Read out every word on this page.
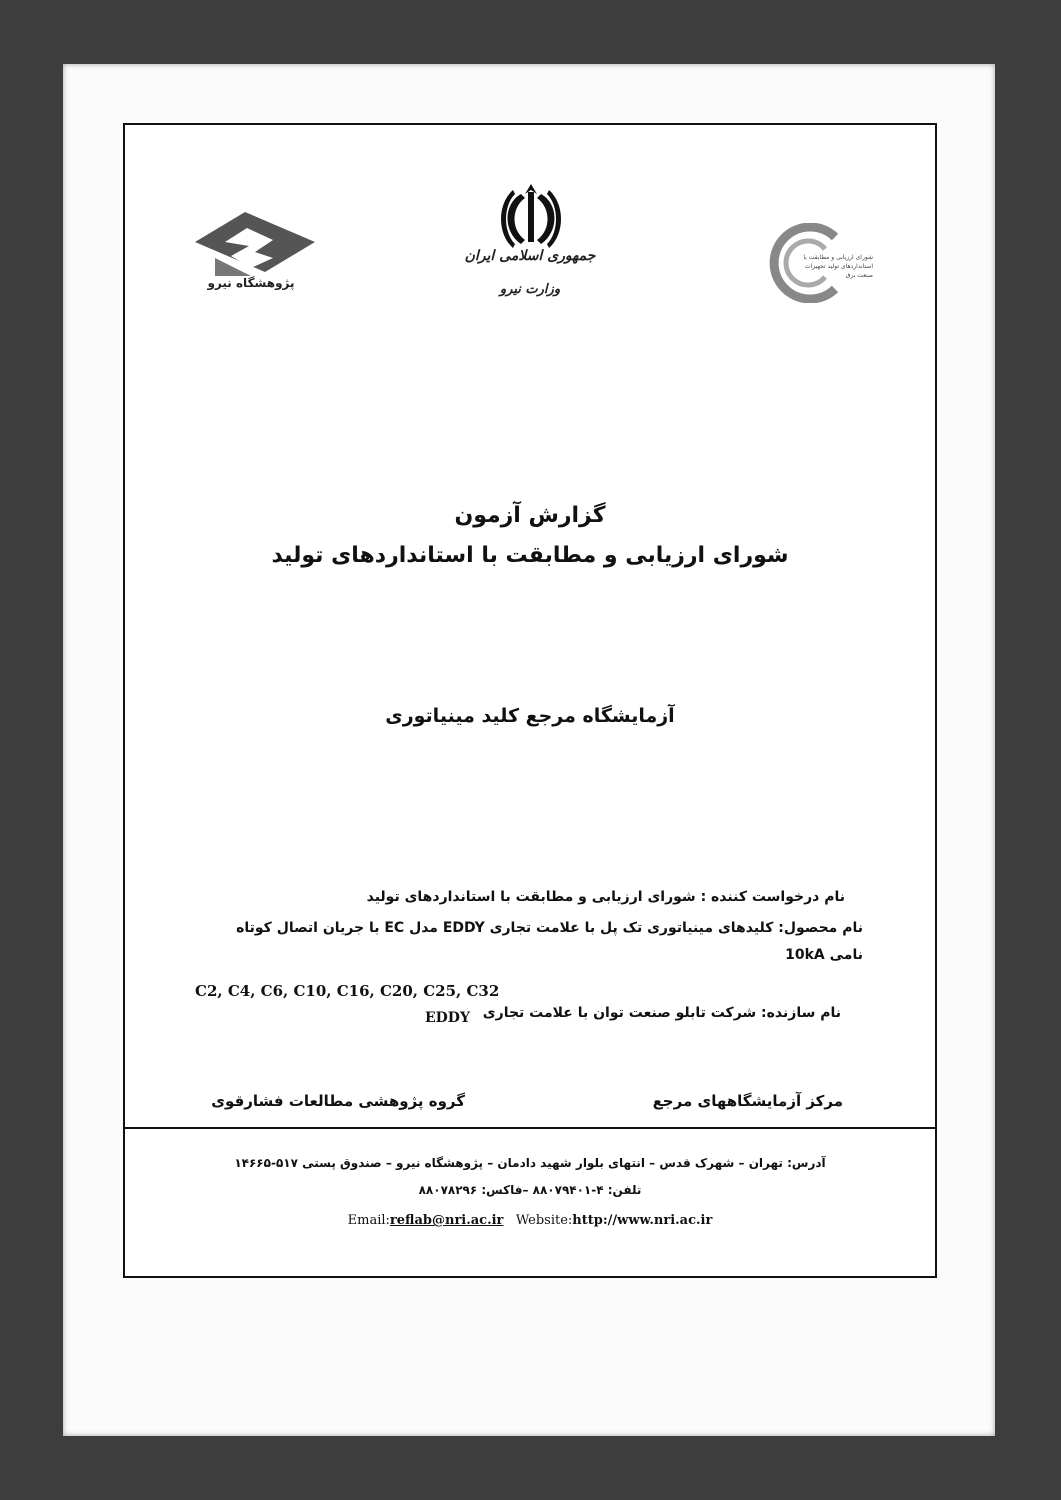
پژوهشگاه نیرو
جمهوری اسلامی ایران
وزارت نیرو
شورای ارزیابی و مطابقت با استانداردهای تولید تجهیزات صنعت برق
گزارش آزمون
شورای ارزیابی و مطابقت با استانداردهای تولید
آزمایشگاه مرجع کلید مینیاتوری
نام درخواست کننده : شورای ارزیابی و مطابقت با استانداردهای تولید
نام محصول: کلیدهای مینیاتوری تک پل با علامت تجاری EDDY مدل EC با جریان اتصال کوتاه
نامی 10kA
C2, C4, C6, C10, C16, C20, C25, C32
نام سازنده: شرکت تابلو صنعت توان با علامت تجاری
EDDY
مرکز آزمایشگاههای مرجع
گروه پژوهشی مطالعات فشارقوی
آدرس: تهران – شهرک قدس – انتهای بلوار شهید دادمان – پژوهشگاه نیرو – صندوق پستی ۵۱۷-۱۴۶۶۵
تلفن: ۴-۸۸۰۷۹۴۰۱ –فاکس: ۸۸۰۷۸۲۹۶
Email:reflab@nri.ac.ir Website:http://www.nri.ac.ir
